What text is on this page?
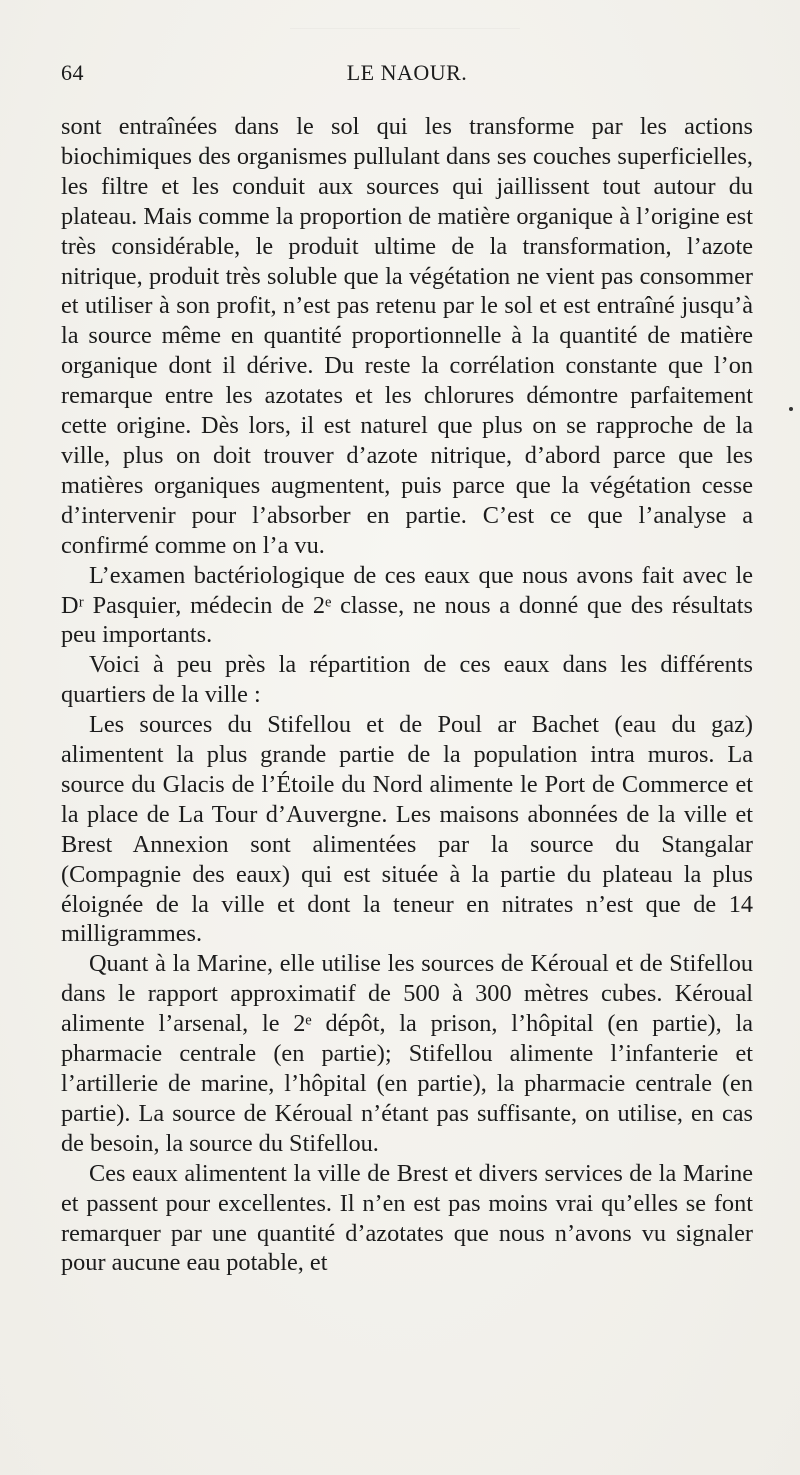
64	LE NAOUR.

sont entraînées dans le sol qui les transforme par les actions biochimiques des organismes pullulant dans ses couches superficielles, les filtre et les conduit aux sources qui jaillissent tout autour du plateau. Mais comme la proportion de matière organique à l’origine est très considérable, le produit ultime de la transformation, l’azote nitrique, produit très soluble que la végétation ne vient pas consommer et utiliser à son profit, n’est pas retenu par le sol et est entraîné jusqu’à la source même en quantité proportionnelle à la quantité de matière organique dont il dérive. Du reste la corrélation constante que l’on remarque entre les azotates et les chlorures démontre parfaitement cette origine. Dès lors, il est naturel que plus on se rapproche de la ville, plus on doit trouver d’azote nitrique, d’abord parce que les matières organiques augmentent, puis parce que la végétation cesse d’intervenir pour l’absorber en partie. C’est ce que l’analyse a confirmé comme on l’a vu.

L’examen bactériologique de ces eaux que nous avons fait avec le Dʳ Pasquier, médecin de 2ᵉ classe, ne nous a donné que des résultats peu importants.

Voici à peu près la répartition de ces eaux dans les différents quartiers de la ville :

Les sources du Stifellou et de Poul ar Bachet (eau du gaz) alimentent la plus grande partie de la population intra muros. La source du Glacis de l’Étoile du Nord alimente le Port de Commerce et la place de La Tour d’Auvergne. Les maisons abonnées de la ville et Brest Annexion sont alimentées par la source du Stangalar (Compagnie des eaux) qui est située à la partie du plateau la plus éloignée de la ville et dont la teneur en nitrates n’est que de 14 milligrammes.

Quant à la Marine, elle utilise les sources de Kéroual et de Stifellou dans le rapport approximatif de 500 à 300 mètres cubes. Kéroual alimente l’arsenal, le 2ᵉ dépôt, la prison, l’hôpital (en partie), la pharmacie centrale (en partie); Stifellou alimente l’infanterie et l’artillerie de marine, l’hôpital (en partie), la pharmacie centrale (en partie). La source de Kéroual n’étant pas suffisante, on utilise, en cas de besoin, la source du Stifellou.

Ces eaux alimentent la ville de Brest et divers services de la Marine et passent pour excellentes. Il n’en est pas moins vrai qu’elles se font remarquer par une quantité d’azotates que nous n’avons vu signaler pour aucune eau potable, et
